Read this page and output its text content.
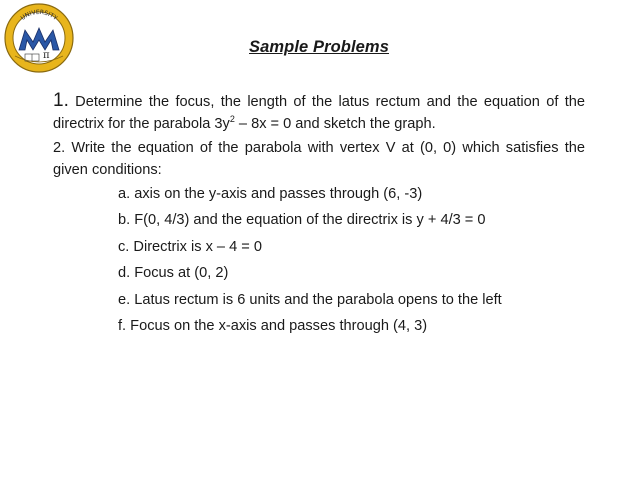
UNIVERSITY
π	Sample Problems
1. Determine the focus, the length of the latus rectum and the equation of the directrix for the parabola $3y^2 - 8x = 0$ and sketch the graph.
2. Write the equation of the parabola with vertex V at (0, 0) which satisfies the given conditions:
a. axis on the y-axis and passes through (6, -3)
b. F(0, 4/3) and the equation of the directrix is y + 4/3 = 0
c. Directrix is x – 4 = 0
d. Focus at (0, 2)
e. Latus rectum is 6 units and the parabola opens to the left
f. Focus on the x-axis and passes through (4, 3)
